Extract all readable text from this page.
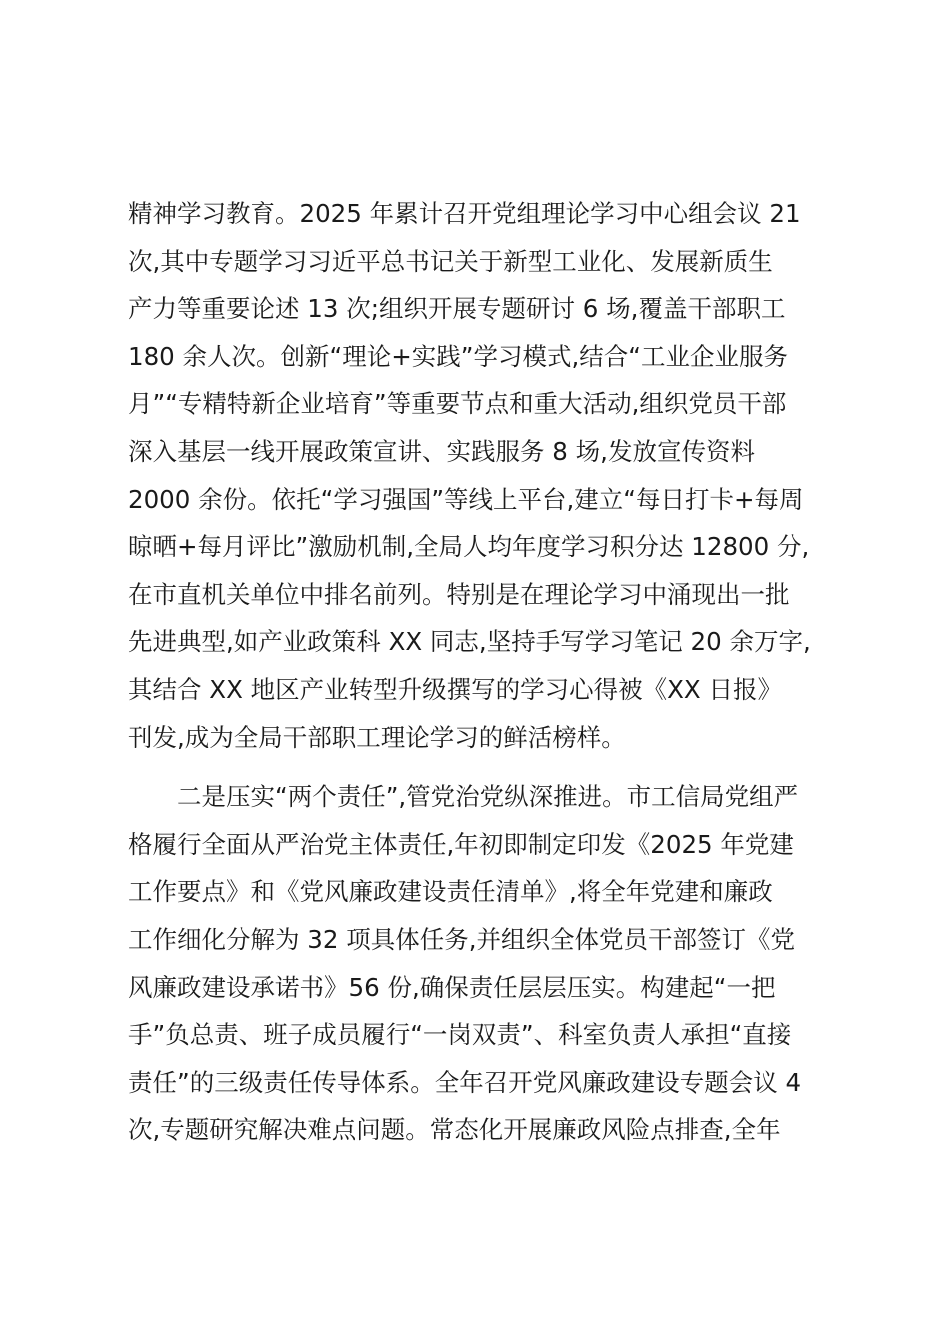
精神学习教育。2025 年累计召开党组理论学习中心组会议 21
次,其中专题学习习近平总书记关于新型工业化、发展新质生
产力等重要论述 13 次;组织开展专题研讨 6 场,覆盖干部职工
180 余人次。创新“理论+实践”学习模式,结合“工业企业服务
月”“专精特新企业培育”等重要节点和重大活动,组织党员干部
深入基层一线开展政策宣讲、实践服务 8 场,发放宣传资料
2000 余份。依托“学习强国”等线上平台,建立“每日打卡+每周
晾晒+每月评比”激励机制,全局人均年度学习积分达 12800 分,
在市直机关单位中排名前列。特别是在理论学习中涌现出一批
先进典型,如产业政策科 XX 同志,坚持手写学习笔记 20 余万字,
其结合 XX 地区产业转型升级撰写的学习心得被《XX 日报》
刊发,成为全局干部职工理论学习的鲜活榜样。
二是压实“两个责任”,管党治党纵深推进。市工信局党组严
格履行全面从严治党主体责任,年初即制定印发《2025 年党建
工作要点》和《党风廉政建设责任清单》,将全年党建和廉政
工作细化分解为 32 项具体任务,并组织全体党员干部签订《党
风廉政建设承诺书》56 份,确保责任层层压实。构建起“一把
手”负总责、班子成员履行“一岗双责”、科室负责人承担“直接
责任”的三级责任传导体系。全年召开党风廉政建设专题会议 4
次,专题研究解决难点问题。常态化开展廉政风险点排查,全年
